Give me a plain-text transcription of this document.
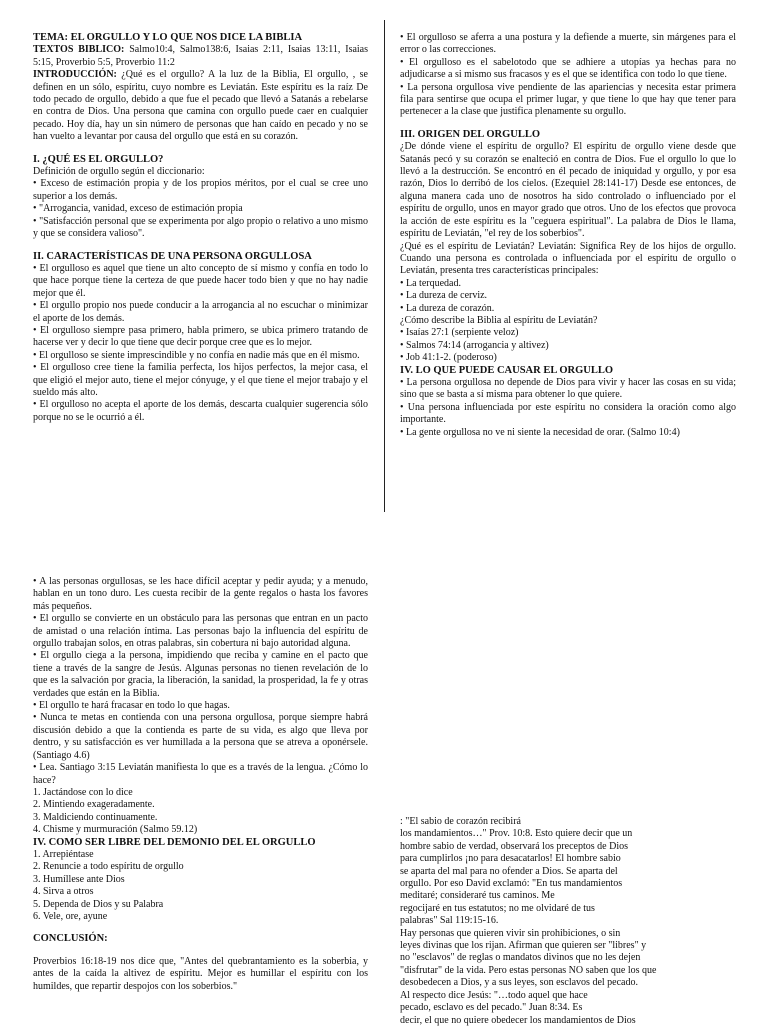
TEMA: EL ORGULLO Y LO QUE NOS DICE LA BIBLIA

TEXTOS BIBLICO: Salmo10:4, Salmo138:6, Isaias 2:11, Isaias 13:11, Isaias 5:15, Proverbio 5:5, Proverbio 11:2

INTRODUCCIÓN: ¿Qué es el orgullo? A la luz de la Biblia, El orgullo, , se definen en un sólo, espíritu, cuyo nombre es Leviatán. Este espíritu es la raíz De todo pecado de orgullo, debido a que fue el pecado que llevó a Satanás a rebelarse en contra de Dios. Una persona que camina con orgullo puede caer en cualquier pecado. Hoy día, hay un sin número de personas que han caído en pecado y no se han vuelto a levantar por causa del orgullo que está en su corazón.

I. ¿QUÉ ES EL ORGULLO?

Definición de orgullo según el diccionario:

• Exceso de estimación propia y de los propios méritos, por el cual se cree uno superior a los demás.

• "Arrogancia, vanidad, exceso de estimación propia

• "Satisfacción personal que se experimenta por algo propio o relativo a uno mismo y que se considera valioso".

II. CARACTERÍSTICAS DE UNA PERSONA ORGULLOSA

• El orgulloso es aquel que tiene un alto concepto de sí mismo y confía en todo lo que hace porque tiene la certeza de que puede hacer todo bien y que no hay nadie mejor que él.

• El orgullo propio nos puede conducir a la arrogancia al no escuchar o minimizar el aporte de los demás.

• El orgulloso siempre pasa primero, habla primero, se ubica primero tratando de hacerse ver y decir lo que tiene que decir porque cree que es lo mejor.

• El orgulloso se siente imprescindible y no confía en nadie más que en él mismo.

• El orgulloso cree tiene la familia perfecta, los hijos perfectos, la mejor casa, el que eligió el mejor auto, tiene el mejor cónyuge, y el que tiene el mejor trabajo y el sueldo más alto.

• El orgulloso no acepta el aporte de los demás, descarta cualquier sugerencia sólo porque no se le ocurrió a él.

• El orgulloso se aferra a una postura y la defiende a muerte, sin márgenes para el error o las correcciones.

• El orgulloso es el sabelotodo que se adhiere a utopías ya hechas para no adjudicarse a si mismo sus fracasos y es el que se identifica con todo lo que tiene.

• La persona orgullosa vive pendiente de las apariencias y necesita estar primera fila para sentirse que ocupa el primer lugar, y que tiene lo que hay que tener para pertenecer a la clase que justifica plenamente su orgullo.

III. ORIGEN DEL ORGULLO

¿De dónde viene el espíritu de orgullo? El espíritu de orgullo viene desde que Satanás pecó y su corazón se enalteció en contra de Dios. Fue el orgullo lo que lo llevó a la destrucción. Se encontró en él pecado de iniquidad y orgullo, y por esa razón, Dios lo derribó de los cielos. (Ezequiel 28:141-17) Desde ese entonces, de alguna manera cada uno de nosotros ha sido controlado o influenciado por el espíritu de orgullo, unos en mayor grado que otros. Uno de los efectos que provoca la acción de este espíritu es la "ceguera espiritual". La palabra de Dios le llama, espíritu de Leviatán, "el rey de los soberbios".

¿Qué es el espíritu de Leviatán? Leviatán: Significa Rey de los hijos de orgullo. Cuando una persona es controlada o influenciada por el espíritu de orgullo o Leviatán, presenta tres características principales:

• La terquedad.

• La dureza de cerviz.

• La dureza de corazón.

¿Cómo describe la Biblia al espíritu de Leviatán?

• Isaías 27:1 (serpiente veloz)

• Salmos 74:14 (arrogancia y altivez)

• Job 41:1-2. (poderoso)

IV. LO QUE PUEDE CAUSAR EL ORGULLO

• La persona orgullosa no depende de Dios para vivir y hacer las cosas en su vida; sino que se basta a sí misma para obtener lo que quiere.

• Una persona influenciada por este espíritu no considera la oración como algo importante.

• La gente orgullosa no ve ni siente la necesidad de orar. (Salmo 10:4)

• A las personas orgullosas, se les hace difícil aceptar y pedir ayuda; y a menudo, hablan en un tono duro. Les cuesta recibir de la gente regalos o hasta los favores más pequeños.

• El orgullo se convierte en un obstáculo para las personas que entran en un pacto de amistad o una relación íntima. Las personas bajo la influencia del espíritu de orgullo trabajan solos, en otras palabras, sin cobertura ni bajo autoridad alguna.

• El orgullo ciega a la persona, impidiendo que reciba y camine en el pacto que tiene a través de la sangre de Jesús. Algunas personas no tienen revelación de lo que es la salvación por gracia, la liberación, la sanidad, la prosperidad, la fe y otras verdades que están en la Biblia.

• El orgullo te hará fracasar en todo lo que hagas.

• Nunca te metas en contienda con una persona orgullosa, porque siempre habrá discusión debido a que la contienda es parte de su vida, es algo que lleva por dentro, y su satisfacción es ver humillada a la persona que se atreva a oponérsele. (Santiago 4.6)

• Lea. Santiago 3:15 Leviatán manifiesta lo que es a través de la lengua. ¿Cómo lo hace?

1. Jactándose con lo dice

2. Mintiendo exageradamente.

3. Maldiciendo continuamente.

4. Chisme y murmuración (Salmo 59.12)

IV. COMO SER LIBRE DEL DEMONIO DEL EL ORGULLO

1. Arrepiéntase

2. Renuncie a todo espíritu de orgullo

3. Humíllese ante Dios

4. Sirva a otros

5. Dependa de Dios y su Palabra

6. Vele, ore, ayune

CONCLUSIÓN:

Proverbios 16:18-19 nos dice que, "Antes del quebrantamiento es la soberbia, y antes de la caída la altivez de espíritu. Mejor es humillar el espíritu con los humildes, que repartir despojos con los soberbios."

: "El sabio de corazón recibirá

los mandamientos…" Prov. 10:8. Esto quiere decir que un

hombre sabio de verdad, observará los preceptos de Dios

para cumplirlos ¡no para desacatarlos! El hombre sabio

se aparta del mal para no ofender a Dios. Se aparta del

orgullo. Por eso David exclamó: "En tus mandamientos

meditaré; consideraré tus caminos. Me

regocijaré en tus estatutos; no me olvidaré de tus

palabras" Sal 119:15-16.

Hay personas que quieren vivir sin prohibiciones, o sin

leyes divinas que los rijan. Afirman que quieren ser "libres" y

no "esclavos" de reglas o mandatos divinos que no les dejen

"disfrutar" de la vida. Pero estas personas NO saben que los que

desobedecen a Dios, y a sus leyes, son esclavos del pecado.

Al respecto dice Jesús: "…todo aquel que hace

pecado, esclavo es del pecado." Juan 8:34. Es

decir, el que no quiere obedecer los mandamientos de Dios
